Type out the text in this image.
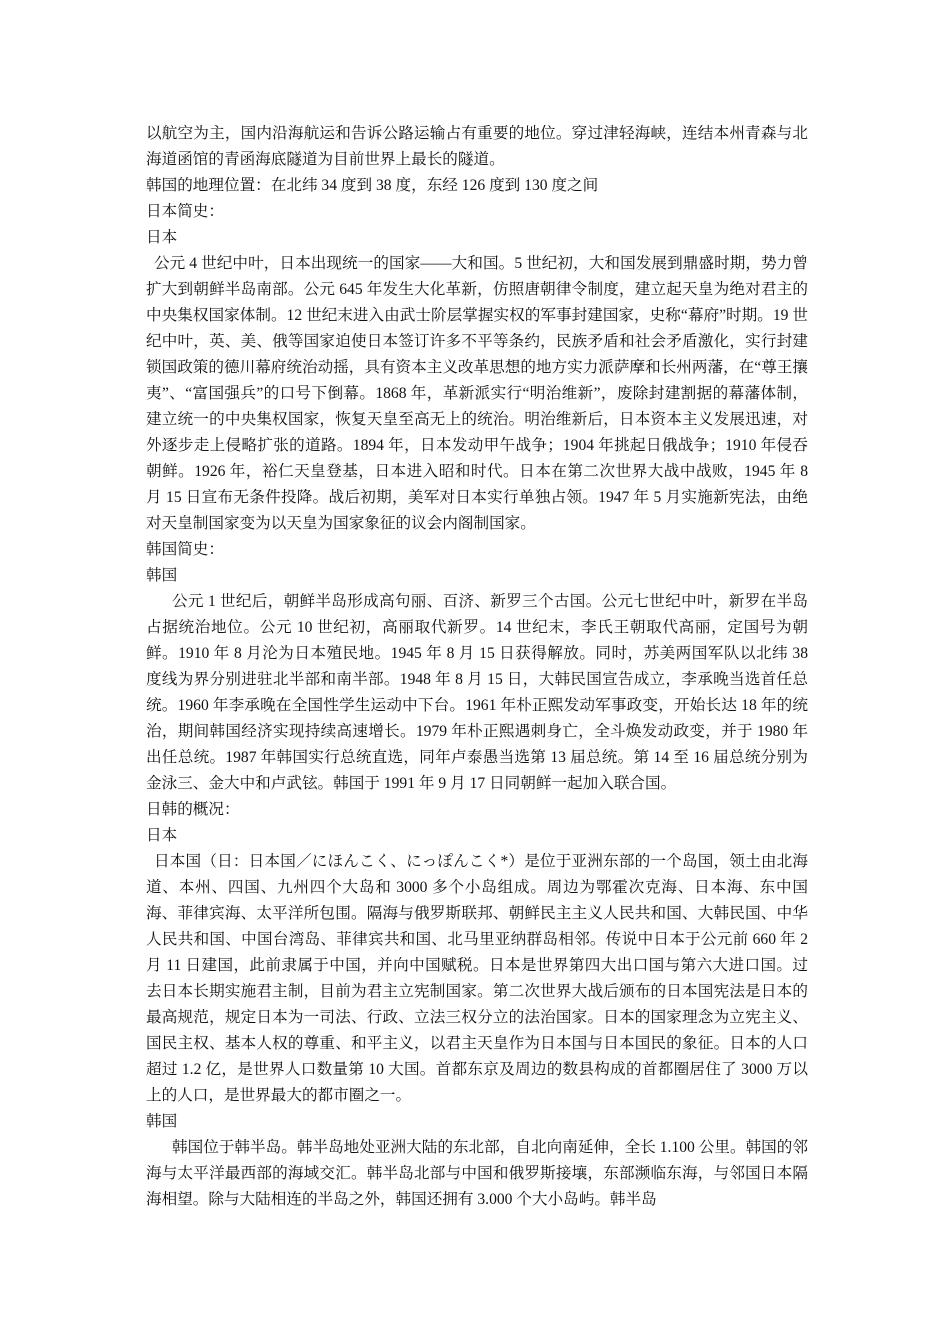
以航空为主，国内沿海航运和告诉公路运输占有重要的地位。穿过津轻海峡，连结本州青森与北海道函馆的青函海底隧道为目前世界上最长的隧道。

韩国的地理位置：在北纬 34 度到 38 度，东经 126 度到 130 度之间

日本简史：

日本

公元 4 世纪中叶，日本出现统一的国家——大和国。5 世纪初，大和国发展到鼎盛时期，势力曾扩大到朝鲜半岛南部。公元 645 年发生大化革新，仿照唐朝律令制度，建立起天皇为绝对君主的中央集权国家体制。12 世纪末进入由武士阶层掌握实权的军事封建国家，史称“幕府”时期。19 世纪中叶，英、美、俄等国家迫使日本签订许多不平等条约，民族矛盾和社会矛盾激化，实行封建锁国政策的德川幕府统治动摇，具有资本主义改革思想的地方实力派萨摩和长州两藩，在“尊王攘夷”、“富国强兵”的口号下倒幕。1868 年，革新派实行“明治维新”，废除封建割据的幕藩体制，建立统一的中央集权国家，恢复天皇至高无上的统治。明治维新后，日本资本主义发展迅速，对外逐步走上侵略扩张的道路。1894 年，日本发动甲午战争；1904 年挑起日俄战争；1910 年侵吞朝鲜。1926 年，裕仁天皇登基，日本进入昭和时代。日本在第二次世界大战中战败，1945 年 8 月 15 日宣布无条件投降。战后初期，美军对日本实行单独占领。1947 年 5 月实施新宪法，由绝对天皇制国家变为以天皇为国家象征的议会内阁制国家。

韩国简史：

韩国

公元 1 世纪后，朝鲜半岛形成高句丽、百济、新罗三个古国。公元七世纪中叶，新罗在半岛占据统治地位。公元 10 世纪初，高丽取代新罗。14 世纪末，李氏王朝取代高丽，定国号为朝鲜。1910 年 8 月沦为日本殖民地。1945 年 8 月 15 日获得解放。同时，苏美两国军队以北纬 38 度线为界分别进驻北半部和南半部。1948 年 8 月 15 日，大韩民国宣告成立，李承晚当选首任总统。1960 年李承晚在全国性学生运动中下台。1961 年朴正熙发动军事政变，开始长达 18 年的统治，期间韩国经济实现持续高速增长。1979 年朴正熙遇刺身亡，全斗焕发动政变，并于 1980 年出任总统。1987 年韩国实行总统直选，同年卢泰愚当选第 13 届总统。第 14 至 16 届总统分别为金泳三、金大中和卢武铉。韩国于 1991 年 9 月 17 日同朝鲜一起加入联合国。

日韩的概况：

日本

日本国（日：日本国／にほんこく、にっぽんこく*）是位于亚洲东部的一个岛国，领土由北海道、本州、四国、九州四个大岛和 3000 多个小岛组成。周边为鄂霍次克海、日本海、东中国海、菲律宾海、太平洋所包围。隔海与俄罗斯联邦、朝鲜民主主义人民共和国、大韩民国、中华人民共和国、中国台湾岛、菲律宾共和国、北马里亚纳群岛相邻。传说中日本于公元前 660 年 2 月 11 日建国，此前隶属于中国，并向中国赋税。日本是世界第四大出口国与第六大进口国。过去日本长期实施君主制，目前为君主立宪制国家。第二次世界大战后颁布的日本国宪法是日本的最高规范，规定日本为一司法、行政、立法三权分立的法治国家。日本的国家理念为立宪主义、国民主权、基本人权的尊重、和平主义，以君主天皇作为日本国与日本国民的象征。日本的人口超过 1.2 亿，是世界人口数量第 10 大国。首都东京及周边的数县构成的首都圈居住了 3000 万以上的人口，是世界最大的都市圈之一。

韩国

韩国位于韩半岛。韩半岛地处亚洲大陆的东北部，自北向南延伸，全长 1.100 公里。韩国的邻海与太平洋最西部的海域交汇。韩半岛北部与中国和俄罗斯接壤，东部濒临东海，与邻国日本隔海相望。除与大陆相连的半岛之外，韩国还拥有 3.000 个大小岛屿。韩半岛
